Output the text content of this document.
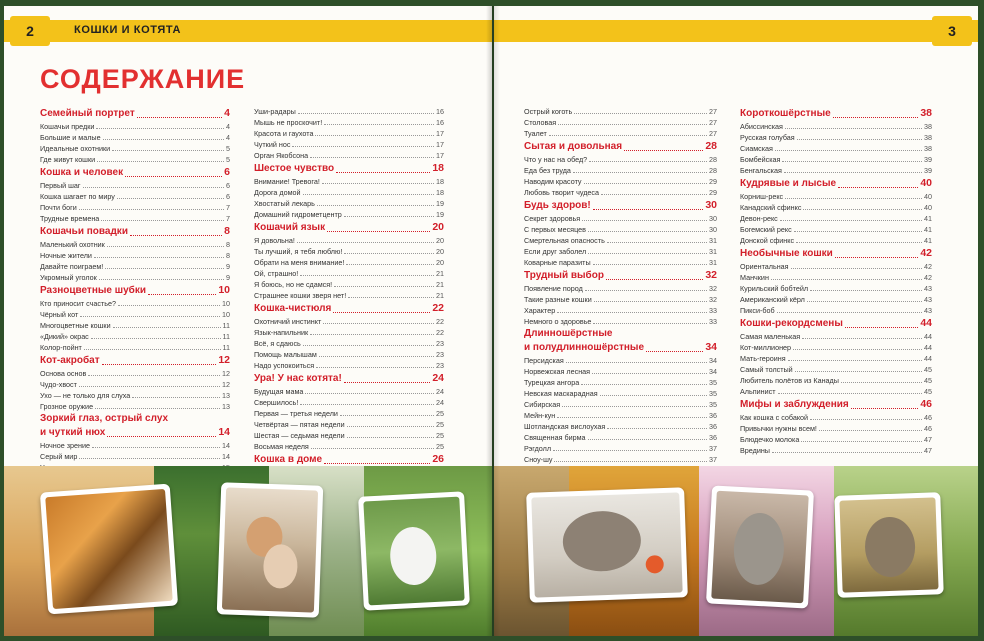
КОШКИ И КОТЯТА
2
СОДЕРЖАНИЕ
Семейный портрет	4
Кошачьи предки	4
Большие и малые	4
Идеальные охотники	5
Где живут кошки	5
Кошка и человек	6
Первый шаг	6
Кошка шагает по миру	6
Почти боги	7
Трудные времена	7
Кошачьи повадки	8
Маленький охотник	8
Ночные жители	8
Давайте поиграем!	9
Укромный уголок	9
Разноцветные шубки	10
Кто приносит счастье?	10
Чёрный кот	10
Многоцветные кошки	11
«Дикий» окрас	11
Колор-пойнт	11
Кот-акробат	12
Основа основ	12
Чудо-хвост	12
Ухо — не только для слуха	13
Грозное оружие	13
Зоркий глаз, острый слух
и чуткий нюх	14
Ночное зрение	14
Серый мир	14
Уши-радары	16
Мышь не проскочит!	16
Красота и гаухота	17
Чуткий нос	17
Орган Якобсона	17
Шестое чувство	18
Внимание! Тревога!	18
Дорога домой	18
Хвостатый лекарь	19
Домашний гидрометцентр	19
Кошачий язык	20
Я довольна!	20
Ты лучший, я тебя люблю!	20
Обрати на меня внимание!	20
Ой, страшно!	21
Я боюсь, но не сдамся!	21
Страшнее кошки зверя нет!	21
Кошка-чистюля	22
Охотничий инстинкт	22
Язык-напильник	22
Всё, я сдаюсь	23
Помощь малышам	23
Надо успокоиться	23
Ура! У нас котята!	24
Будущая мама	24
Свершилось!	24
Первая — третья недели	25
Четвёртая — пятая недели	25
Шестая — седьмая недели	25
Восьмая неделя	25
Кошка в доме	26
3
Острый коготь	27
Столовая	27
Туалет	27
Сытая и довольная	28
Что у нас на обед?	28
Еда без труда	28
Наводим красоту	29
Любовь творит чудеса	29
Будь здоров!	30
Секрет здоровья	30
С первых месяцев	30
Смертельная опасность	31
Если друг заболел	31
Коварные паразиты	31
Трудный выбор	32
Появление пород	32
Такие разные кошки	32
Характер	33
Немного о здоровье	33
Длинношёрстные
и полудлинношёрстные	34
Персидская	34
Норвежская лесная	34
Турецкая ангора	35
Невская маскарадная	35
Сибирская	35
Мейн-кун	36
Шотландская вислоухая	36
Священная бирма	36
Рэгдолл	37
Сноу-шу	37
Короткошёрстные	38
Абиссинская	38
Русская голубая	38
Сиамская	38
Бомбейская	39
Бенгальская	39
Кудрявые и лысые	40
Корниш-рекс	40
Канадский сфинкс	40
Девон-рекс	41
Богемский рекс	41
Донской сфинкс	41
Необычные кошки	42
Ориентальная	42
Манчкин	42
Курильский бобтейл	43
Американский кёрл	43
Пикси-боб	43
Кошки-рекордсмены	44
Самая маленькая	44
Кот-миллионер	44
Мать-героиня	44
Самый толстый	45
Любитель полётов из Канады	45
Альпинист	45
Мифы и заблуждения	46
Как кошка с собакой	46
Привычки нужны всем!	46
Блюдечко молока	47
Вредины	47
